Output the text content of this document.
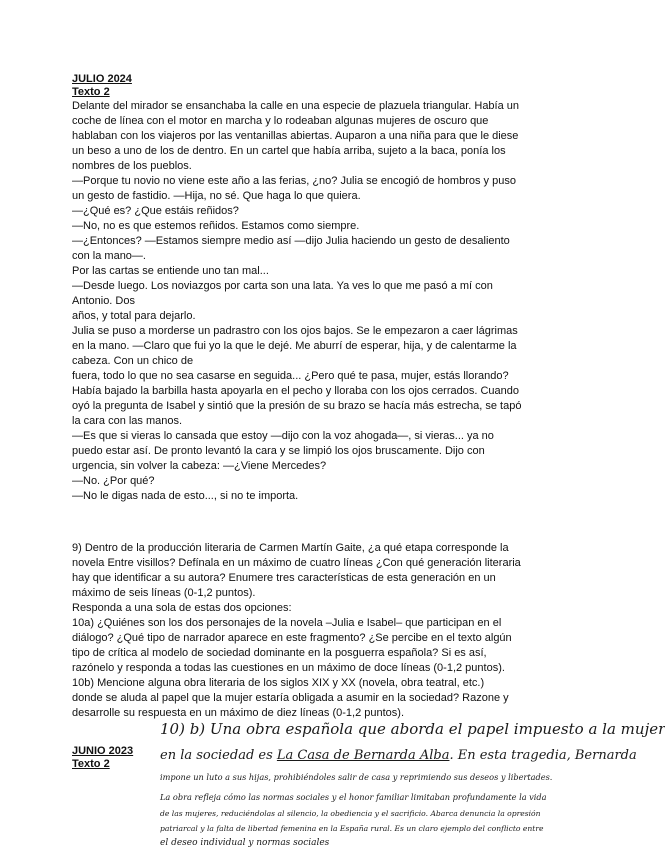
JULIO 2024
Texto 2
Delante del mirador se ensanchaba la calle en una especie de plazuela triangular. Había un
coche de línea con el motor en marcha y lo rodeaban algunas mujeres de oscuro que
hablaban con los viajeros por las ventanillas abiertas. Auparon a una niña para que le diese
un beso a uno de los de dentro. En un cartel que había arriba, sujeto a la baca, ponía los
nombres de los pueblos.
—Porque tu novio no viene este año a las ferias, ¿no? Julia se encogió de hombros y puso
un gesto de fastidio. —Hija, no sé. Que haga lo que quiera.
—¿Qué es? ¿Que estáis reñidos?
—No, no es que estemos reñidos. Estamos como siempre.
—¿Entonces? —Estamos siempre medio así —dijo Julia haciendo un gesto de desaliento
con la mano—.
Por las cartas se entiende uno tan mal...
—Desde luego. Los noviazgos por carta son una lata. Ya ves lo que me pasó a mí con
Antonio. Dos
años, y total para dejarlo.
Julia se puso a morderse un padrastro con los ojos bajos. Se le empezaron a caer lágrimas
en la mano. —Claro que fui yo la que le dejé. Me aburrí de esperar, hija, y de calentarme la
cabeza. Con un chico de
fuera, todo lo que no sea casarse en seguida... ¿Pero qué te pasa, mujer, estás llorando?
Había bajado la barbilla hasta apoyarla en el pecho y lloraba con los ojos cerrados. Cuando
oyó la pregunta de Isabel y sintió que la presión de su brazo se hacía más estrecha, se tapó
la cara con las manos.
—Es que si vieras lo cansada que estoy —dijo con la voz ahogada—, si vieras... ya no
puedo estar así. De pronto levantó la cara y se limpió los ojos bruscamente. Dijo con
urgencia, sin volver la cabeza: —¿Viene Mercedes?
—No. ¿Por qué?
—No le digas nada de esto..., si no te importa.
9) Dentro de la producción literaria de Carmen Martín Gaite, ¿a qué etapa corresponde la
novela Entre visillos? Defínala en un máximo de cuatro líneas ¿Con qué generación literaria
hay que identificar a su autora? Enumere tres características de esta generación en un
máximo de seis líneas (0-1,2 puntos).
Responda a una sola de estas dos opciones:
10a) ¿Quiénes son los dos personajes de la novela –Julia e Isabel– que participan en el
diálogo? ¿Qué tipo de narrador aparece en este fragmento? ¿Se percibe en el texto algún
tipo de crítica al modelo de sociedad dominante en la posguerra española? Si es así,
razónelo y responda a todas las cuestiones en un máximo de doce líneas (0-1,2 puntos).
10b) Mencione alguna obra literaria de los siglos XIX y XX (novela, obra teatral, etc.)
donde se aluda al papel que la mujer estaría obligada a asumir en la sociedad? Razone y
desarrolle su respuesta en un máximo de diez líneas (0-1,2 puntos).
JUNIO 2023
Texto 2
10) b) Una obra española que aborda el papel impuesto a la mujer
en la sociedad es La Casa de Bernarda Alba. En esta tragedia, Bernarda
impone un luto a sus hijas, prohibiéndoles salir de casa y reprimiendo sus deseos y libertades.
La obra refleja cómo las normas sociales y el honor familiar limitaban profundamente la vida
de las mujeres, reduciéndolas al silencio, la obediencia y el sacrificio. Abarca denuncia la opresión
patriarcal y la falta de libertad femenina en la España rural. Es un claro ejemplo del conflicto entre
el deseo individual y normas sociales
